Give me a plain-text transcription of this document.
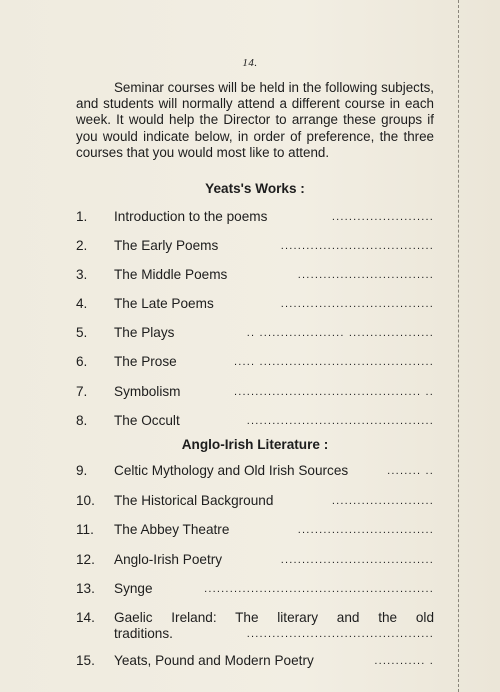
14.

Seminar courses will be held in the following subjects, and students will normally attend a different course in each week. It would help the Director to arrange these groups if you would indicate below, in order of preference, the three courses that you would most like to attend.

Yeats's Works :
1. Introduction to the poems	........................
2. The Early Poems	....................................
3. The Middle Poems	................................
4. The Late Poems	....................................
5. The Plays	.. .................... ....................
6. The Prose	..... .........................................
7. Symbolism	............................................ ..
8. The Occult	............................................
Anglo-Irish Literature :
9. Celtic Mythology and Old Irish Sources	........ ..
10. The Historical Background	........................
11. The Abbey Theatre	................................
12. Anglo-Irish Poetry	....................................
13. Synge	......................................................
14. Gaelic Ireland: The literary and the old
traditions.	............................................
15. Yeats, Pound and Modern Poetry	............ .
